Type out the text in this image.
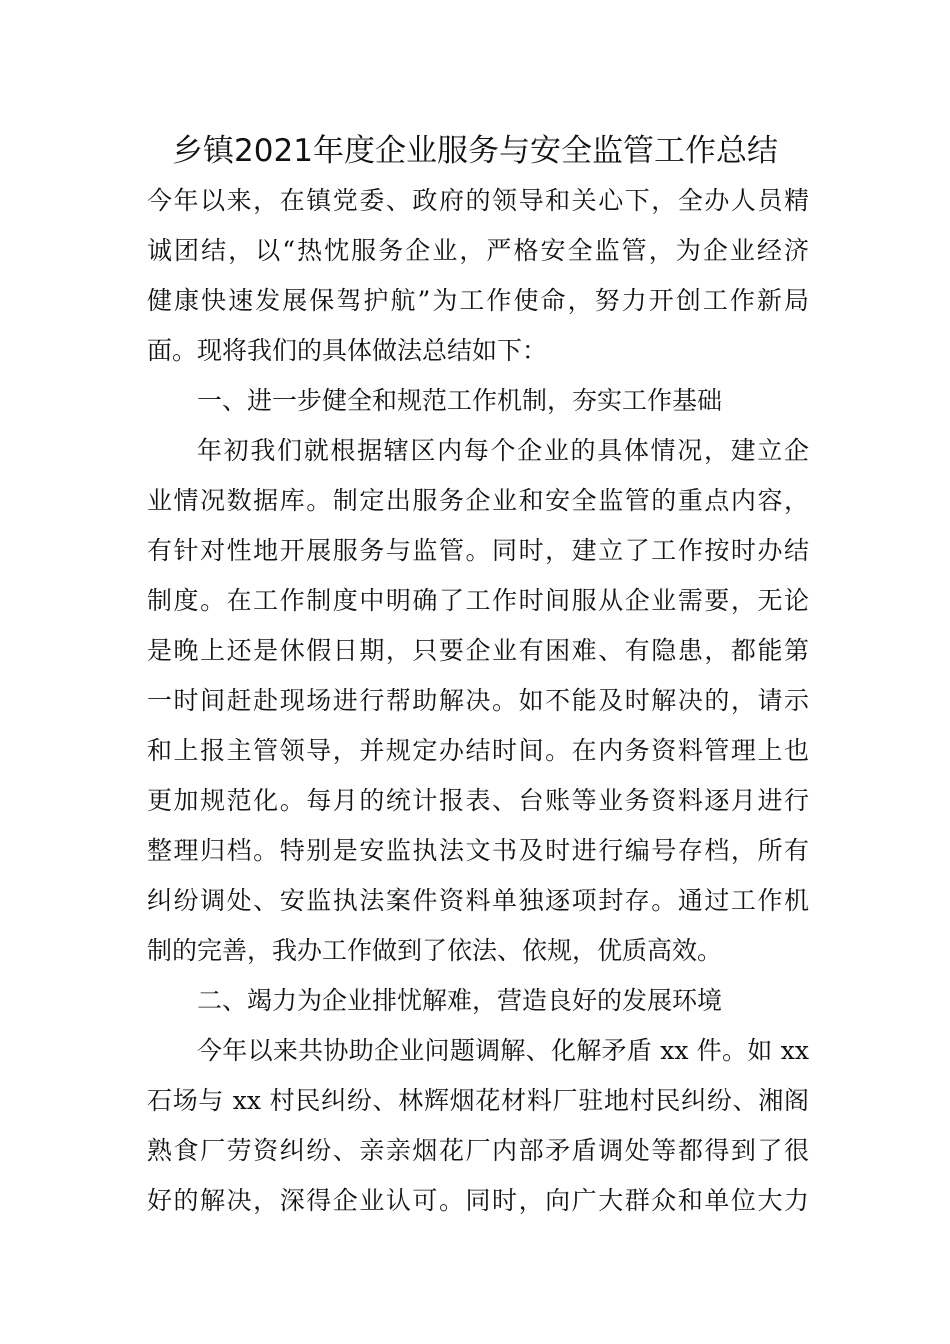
乡镇2021年度企业服务与安全监管工作总结
今年以来，在镇党委、政府的领导和关心下，全办人员精
诚团结，以“热忱服务企业，严格安全监管，为企业经济
健康快速发展保驾护航”为工作使命，努力开创工作新局
面。现将我们的具体做法总结如下：
一、进一步健全和规范工作机制，夯实工作基础
年初我们就根据辖区内每个企业的具体情况，建立企
业情况数据库。制定出服务企业和安全监管的重点内容，
有针对性地开展服务与监管。同时，建立了工作按时办结
制度。在工作制度中明确了工作时间服从企业需要，无论
是晚上还是休假日期，只要企业有困难、有隐患，都能第
一时间赶赴现场进行帮助解决。如不能及时解决的，请示
和上报主管领导，并规定办结时间。在内务资料管理上也
更加规范化。每月的统计报表、台账等业务资料逐月进行
整理归档。特别是安监执法文书及时进行编号存档，所有
纠纷调处、安监执法案件资料单独逐项封存。通过工作机
制的完善，我办工作做到了依法、依规，优质高效。
二、竭力为企业排忧解难，营造良好的发展环境
今年以来共协助企业问题调解、化解矛盾 xx 件。如 xx
石场与 xx 村民纠纷、林辉烟花材料厂驻地村民纠纷、湘阁
熟食厂劳资纠纷、亲亲烟花厂内部矛盾调处等都得到了很
好的解决，深得企业认可。同时，向广大群众和单位大力
